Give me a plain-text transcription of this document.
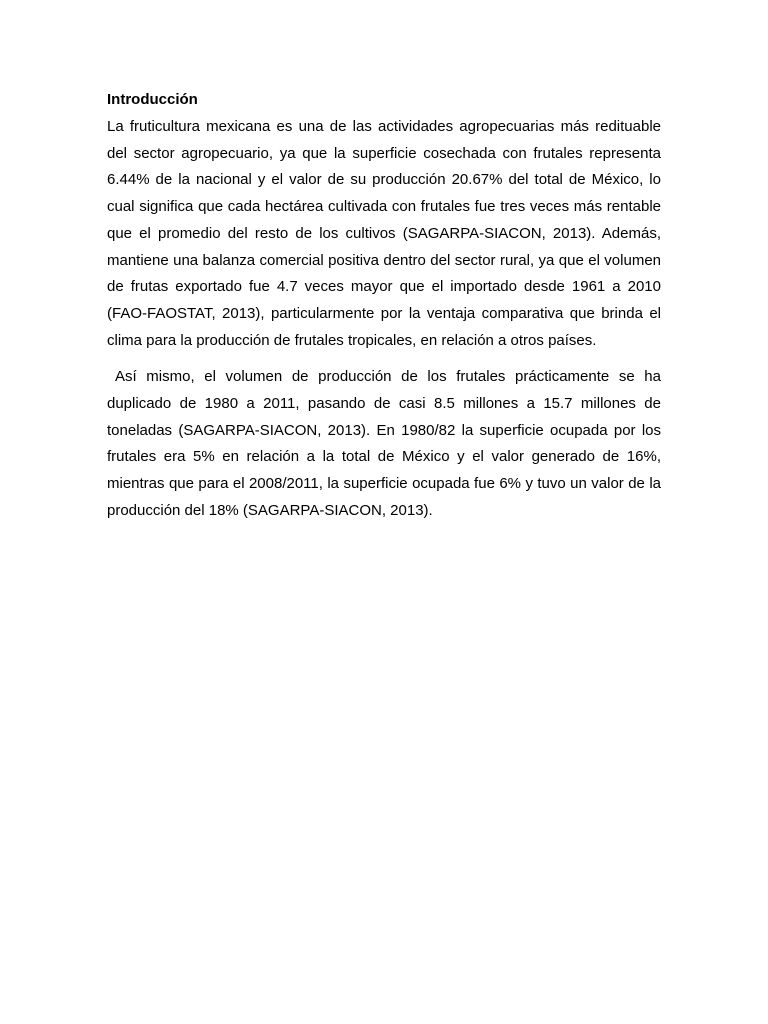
Introducción

La fruticultura mexicana es una de las actividades agropecuarias más redituable del sector agropecuario, ya que la superficie cosechada con frutales representa 6.44% de la nacional y el valor de su producción 20.67% del total de México, lo cual significa que cada hectárea cultivada con frutales fue tres veces más rentable que el promedio del resto de los cultivos (SAGARPA-SIACON, 2013). Además, mantiene una balanza comercial positiva dentro del sector rural, ya que el volumen de frutas exportado fue 4.7 veces mayor que el importado desde 1961 a 2010 (FAO-FAOSTAT, 2013), particularmente por la ventaja comparativa que brinda el clima para la producción de frutales tropicales, en relación a otros países.

Así mismo, el volumen de producción de los frutales prácticamente se ha duplicado de 1980 a 2011, pasando de casi 8.5 millones a 15.7 millones de toneladas (SAGARPA-SIACON, 2013). En 1980/82 la superficie ocupada por los frutales era 5% en relación a la total de México y el valor generado de 16%, mientras que para el 2008/2011, la superficie ocupada fue 6% y tuvo un valor de la producción del 18% (SAGARPA-SIACON, 2013).
